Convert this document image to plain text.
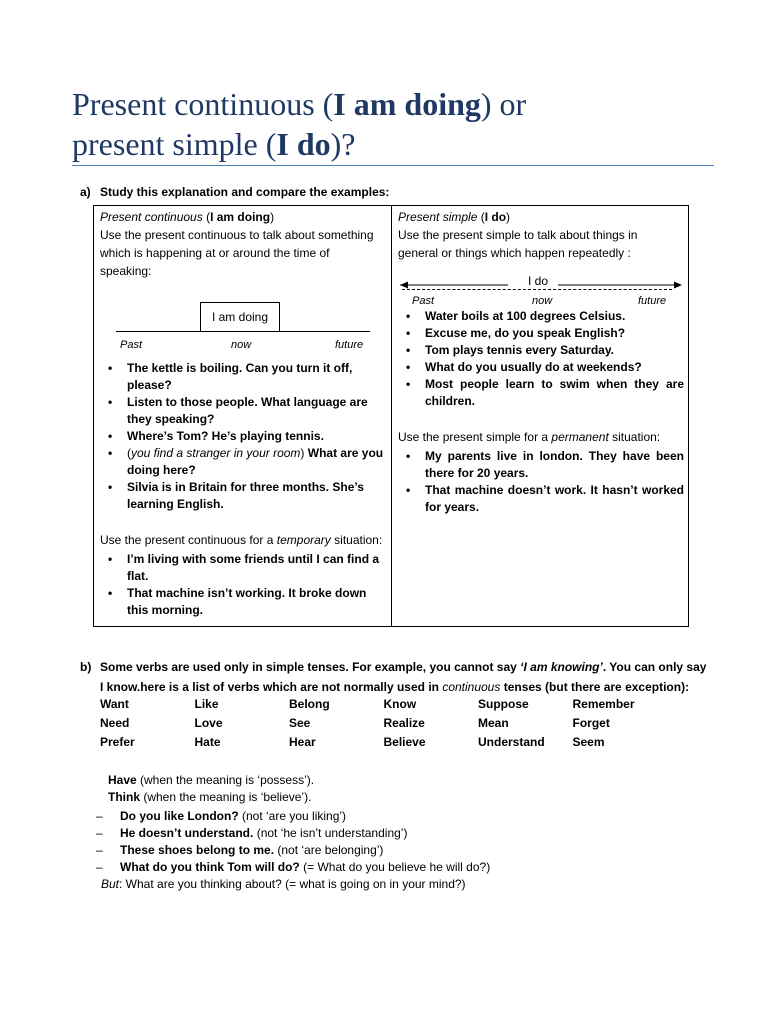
Present continuous (I am doing) or
present simple (I do)?
a) Study this explanation and compare the examples:
Present continuous (I am doing)
Use the present continuous to talk about something which is happening at or around the time of speaking:
I am doing
Past	now	future
• The kettle is boiling. Can you turn it off, please?
• Listen to those people. What language are they speaking?
• Where’s Tom? He’s playing tennis.
• (you find a stranger in your room) What are you doing here?
• Silvia is in Britain for three months. She’s learning English.
Use the present continuous for a temporary situation:
• I’m living with some friends until I can find a flat.
• That machine isn’t working. It broke down this morning.
Present simple (I do)
Use the present simple to talk about things in general or things which happen repeatedly :
I do
Past	now	future
• Water boils at 100 degrees Celsius.
• Excuse me, do you speak English?
• Tom plays tennis every Saturday.
• What do you usually do at weekends?
• Most people learn to swim when they are children.
Use the present simple for a permanent situation:
• My parents live in london. They have been there for 20 years.
• That machine doesn’t work. It hasn’t worked for years.
b) Some verbs are used only in simple tenses. For example, you cannot say ‘I am knowing’. You can only say
I know.here is a list of verbs which are not normally used in continuous tenses (but there are exception):
Want	Like	Belong	Know	Suppose	Remember
Need	Love	See	Realize	Mean	Forget
Prefer	Hate	Hear	Believe	Understand	Seem
Have (when the meaning is ‘possess’).
Think (when the meaning is ‘believe’).
– Do you like London? (not ‘are you liking’)
– He doesn’t understand. (not ‘he isn’t understanding’)
– These shoes belong to me. (not ‘are belonging’)
– What do you think Tom will do? (= What do you believe he will do?)
But: What are you thinking about? (= what is going on in your mind?)
